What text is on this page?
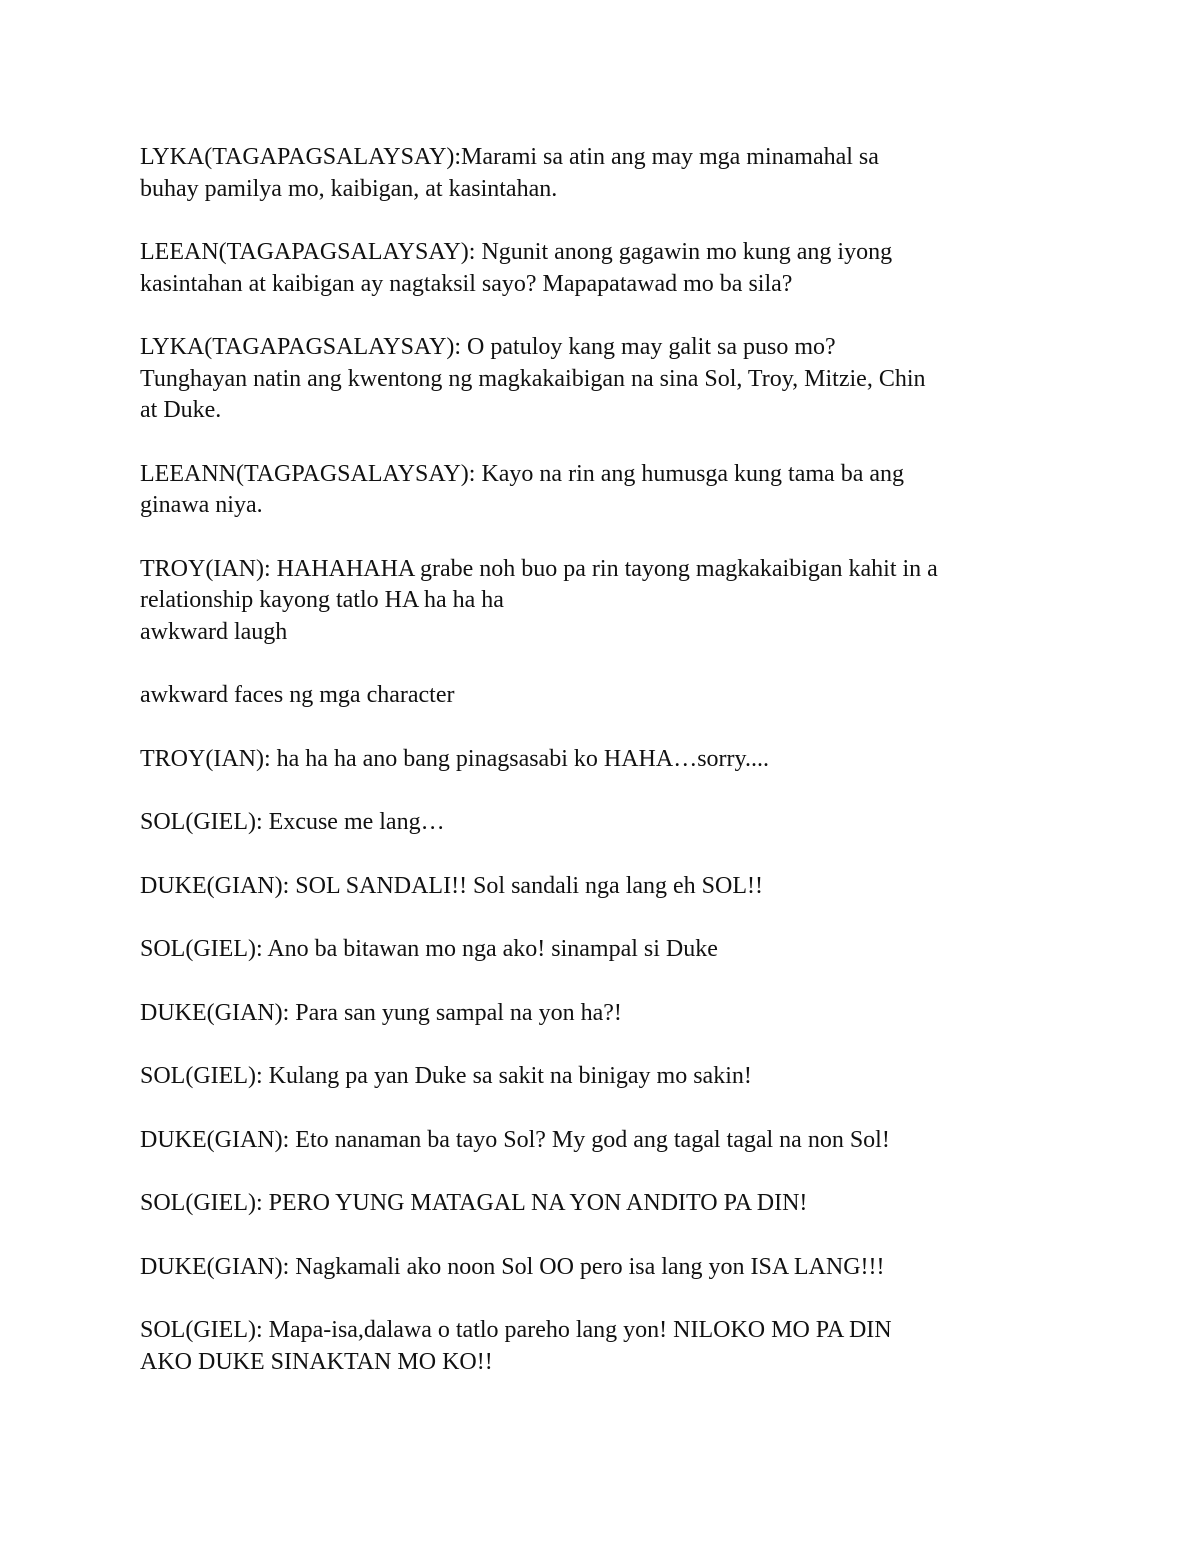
LYKA(TAGAPAGSALAYSAY):Marami sa atin ang may mga minamahal sa
buhay pamilya mo, kaibigan, at kasintahan.

LEEAN(TAGAPAGSALAYSAY): Ngunit anong gagawin mo kung ang iyong
kasintahan at kaibigan ay nagtaksil sayo? Mapapatawad mo ba sila?

LYKA(TAGAPAGSALAYSAY): O patuloy kang may galit sa puso mo?
Tunghayan natin ang kwentong ng magkakaibigan na sina Sol, Troy, Mitzie, Chin
at Duke.

LEEANN(TAGPAGSALAYSAY): Kayo na rin ang humusga kung tama ba ang
ginawa niya.

TROY(IAN): HAHAHAHA grabe noh buo pa rin tayong magkakaibigan kahit in a
relationship kayong tatlo HA ha ha ha
awkward laugh

awkward faces ng mga character

TROY(IAN): ha ha ha ano bang pinagsasabi ko HAHA…sorry....

SOL(GIEL): Excuse me lang…

DUKE(GIAN): SOL SANDALI!! Sol sandali nga lang eh SOL!!

SOL(GIEL): Ano ba bitawan mo nga ako! sinampal si Duke

DUKE(GIAN): Para san yung sampal na yon ha?!

SOL(GIEL): Kulang pa yan Duke sa sakit na binigay mo sakin!

DUKE(GIAN): Eto nanaman ba tayo Sol? My god ang tagal tagal na non Sol!

SOL(GIEL): PERO YUNG MATAGAL NA YON ANDITO PA DIN!

DUKE(GIAN): Nagkamali ako noon Sol OO pero isa lang yon ISA LANG!!!

SOL(GIEL): Mapa-isa,dalawa o tatlo pareho lang yon! NILOKO MO PA DIN
AKO DUKE SINAKTAN MO KO!!
